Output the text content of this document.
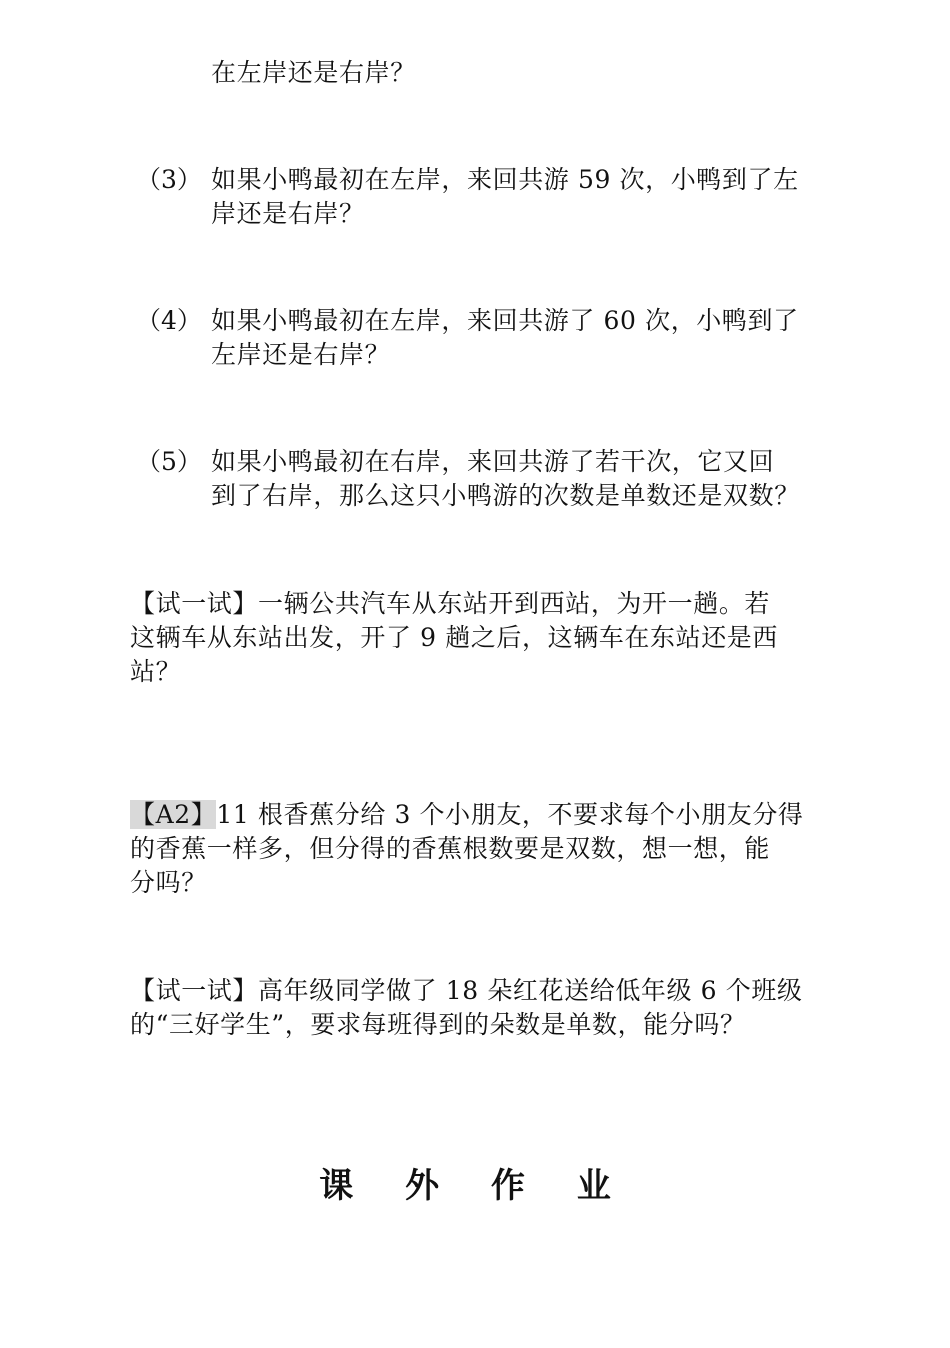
在左岸还是右岸？
（3） 如果小鸭最初在左岸，来回共游 59 次，小鸭到了左
岸还是右岸？
（4） 如果小鸭最初在左岸，来回共游了 60 次，小鸭到了
左岸还是右岸？
（5） 如果小鸭最初在右岸，来回共游了若干次，它又回
到了右岸，那么这只小鸭游的次数是单数还是双数？
【试一试】一辆公共汽车从东站开到西站，为开一趟。若
这辆车从东站出发，开了 9 趟之后，这辆车在东站还是西
站？
【A2】11 根香蕉分给 3 个小朋友，不要求每个小朋友分得
的香蕉一样多，但分得的香蕉根数要是双数，想一想，能
分吗？
【试一试】高年级同学做了 18 朵红花送给低年级 6 个班级
的“三好学生”，要求每班得到的朵数是单数，能分吗？
课 外 作 业
